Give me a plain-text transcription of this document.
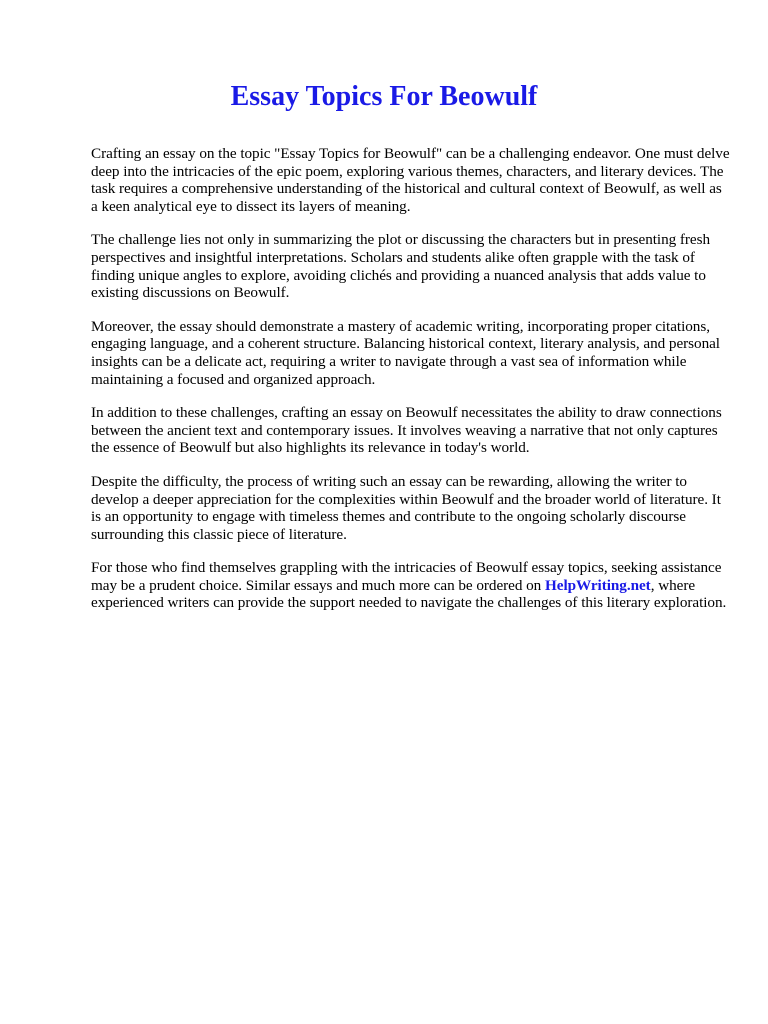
Essay Topics For Beowulf

Crafting an essay on the topic "Essay Topics for Beowulf" can be a challenging endeavor. One must delve deep into the intricacies of the epic poem, exploring various themes, characters, and literary devices. The task requires a comprehensive understanding of the historical and cultural context of Beowulf, as well as a keen analytical eye to dissect its layers of meaning.

The challenge lies not only in summarizing the plot or discussing the characters but in presenting fresh perspectives and insightful interpretations. Scholars and students alike often grapple with the task of finding unique angles to explore, avoiding clichés and providing a nuanced analysis that adds value to existing discussions on Beowulf.

Moreover, the essay should demonstrate a mastery of academic writing, incorporating proper citations, engaging language, and a coherent structure. Balancing historical context, literary analysis, and personal insights can be a delicate act, requiring a writer to navigate through a vast sea of information while maintaining a focused and organized approach.

In addition to these challenges, crafting an essay on Beowulf necessitates the ability to draw connections between the ancient text and contemporary issues. It involves weaving a narrative that not only captures the essence of Beowulf but also highlights its relevance in today's world.

Despite the difficulty, the process of writing such an essay can be rewarding, allowing the writer to develop a deeper appreciation for the complexities within Beowulf and the broader world of literature. It is an opportunity to engage with timeless themes and contribute to the ongoing scholarly discourse surrounding this classic piece of literature.

For those who find themselves grappling with the intricacies of Beowulf essay topics, seeking assistance may be a prudent choice. Similar essays and much more can be ordered on HelpWriting.net, where experienced writers can provide the support needed to navigate the challenges of this literary exploration.
